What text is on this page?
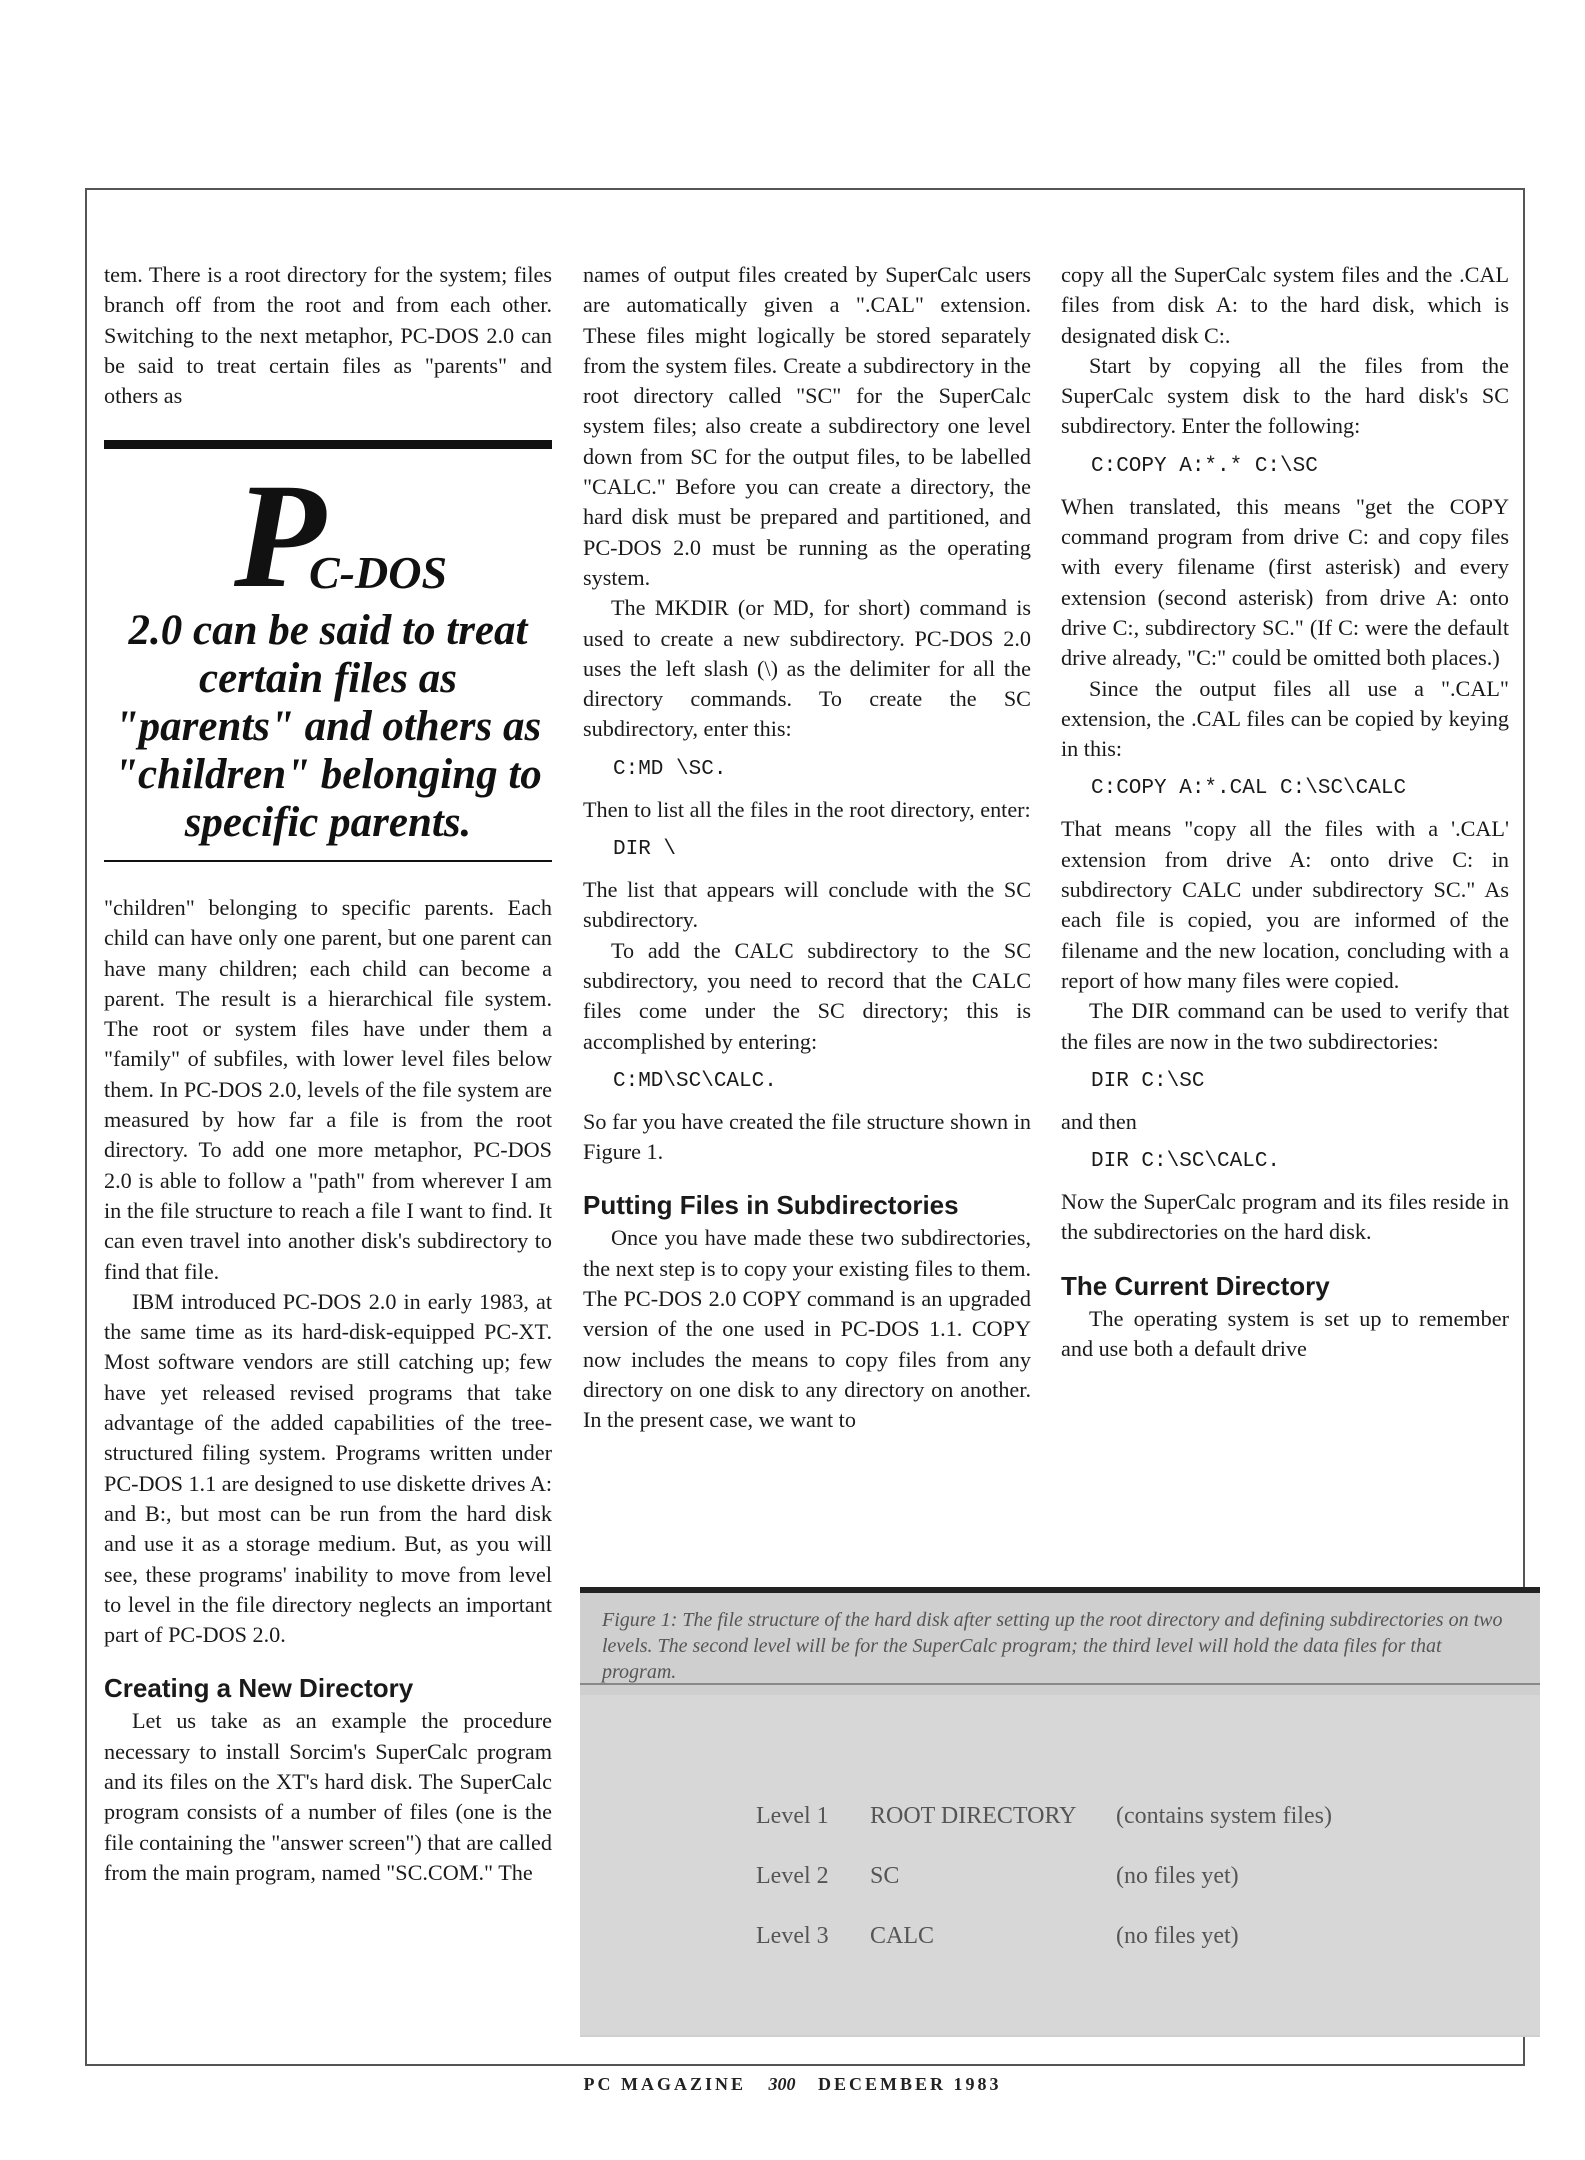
tem. There is a root directory for the system; files branch off from the root and from each other. Switching to the next metaphor, PC-DOS 2.0 can be said to treat certain files as "parents" and others as

P
C-DOS
2.0 can be said to treat certain files as "parents" and others as "children" belonging to specific parents.

"children" belonging to specific parents. Each child can have only one parent, but one parent can have many children; each child can become a parent. The result is a hierarchical file system. The root or system files have under them a "family" of subfiles, with lower level files below them. In PC-DOS 2.0, levels of the file system are measured by how far a file is from the root directory. To add one more metaphor, PC-DOS 2.0 is able to follow a "path" from wherever I am in the file structure to reach a file I want to find. It can even travel into another disk's subdirectory to find that file.

IBM introduced PC-DOS 2.0 in early 1983, at the same time as its hard-disk-equipped PC-XT. Most software vendors are still catching up; few have yet released revised programs that take advantage of the added capabilities of the tree-structured filing system. Programs written under PC-DOS 1.1 are designed to use diskette drives A: and B:, but most can be run from the hard disk and use it as a storage medium. But, as you will see, these programs' inability to move from level to level in the file directory neglects an important part of PC-DOS 2.0.

Creating a New Directory

Let us take as an example the procedure necessary to install Sorcim's SuperCalc program and its files on the XT's hard disk. The SuperCalc program consists of a number of files (one is the file containing the "answer screen") that are called from the main program, named "SC.COM." The

names of output files created by SuperCalc users are automatically given a ".CAL" extension. These files might logically be stored separately from the system files. Create a subdirectory in the root directory called "SC" for the SuperCalc system files; also create a subdirectory one level down from SC for the output files, to be labelled "CALC." Before you can create a directory, the hard disk must be prepared and partitioned, and PC-DOS 2.0 must be running as the operating system.

The MKDIR (or MD, for short) command is used to create a new subdirectory. PC-DOS 2.0 uses the left slash (\) as the delimiter for all the directory commands. To create the SC subdirectory, enter this:

C:MD \SC.

Then to list all the files in the root directory, enter:

DIR \

The list that appears will conclude with the SC subdirectory.

To add the CALC subdirectory to the SC subdirectory, you need to record that the CALC files come under the SC directory; this is accomplished by entering:

C:MD\SC\CALC.

So far you have created the file structure shown in Figure 1.

Putting Files in Subdirectories

Once you have made these two subdirectories, the next step is to copy your existing files to them. The PC-DOS 2.0 COPY command is an upgraded version of the one used in PC-DOS 1.1. COPY now includes the means to copy files from any directory on one disk to any directory on another. In the present case, we want to

copy all the SuperCalc system files and the .CAL files from disk A: to the hard disk, which is designated disk C:.

Start by copying all the files from the SuperCalc system disk to the hard disk's SC subdirectory. Enter the following:

C:COPY A:*.* C:\SC

When translated, this means "get the COPY command program from drive C: and copy files with every filename (first asterisk) and every extension (second asterisk) from drive A: onto drive C:, subdirectory SC." (If C: were the default drive already, "C:" could be omitted both places.)

Since the output files all use a ".CAL" extension, the .CAL files can be copied by keying in this:

C:COPY A:*.CAL C:\SC\CALC

That means "copy all the files with a '.CAL' extension from drive A: onto drive C: in subdirectory CALC under subdirectory SC." As each file is copied, you are informed of the filename and the new location, concluding with a report of how many files were copied.

The DIR command can be used to verify that the files are now in the two subdirectories:

DIR C:\SC

and then

DIR C:\SC\CALC.

Now the SuperCalc program and its files reside in the subdirectories on the hard disk.

The Current Directory

The operating system is set up to remember and use both a default drive

Figure 1: The file structure of the hard disk after setting up the root directory and defining subdirectories on two levels. The second level will be for the SuperCalc program; the third level will hold the data files for that program.
Level 1 ROOT DIRECTORY (contains system files)
Level 2 SC	(no files yet)
Level 3 CALC	(no files yet)
PC MAGAZINE 300 DECEMBER 1983
